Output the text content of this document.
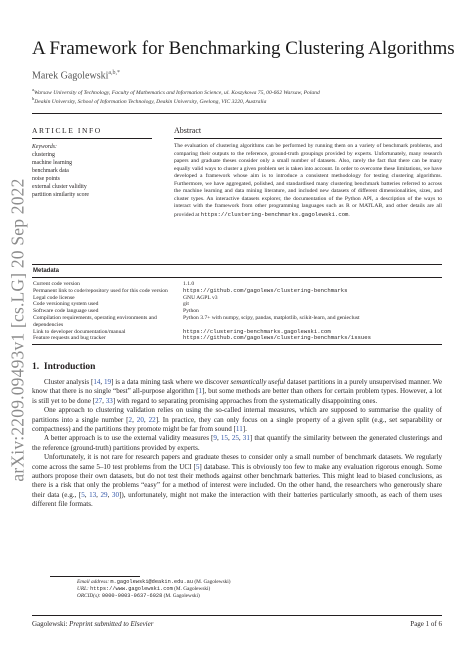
arXiv:2209.09493v1 [cs.LG] 20 Sep 2022
A Framework for Benchmarking Clustering Algorithms
Marek Gagolewski$^{a,b,*}$
$^a$Warsaw University of Technology, Faculty of Mathematics and Information Science, ul. Koszykowa 75, 00-662 Warsaw, Poland
$^b$Deakin University, School of Information Technology, Deakin University, Geelong, VIC 3220, Australia
ARTICLE INFO
Keywords:
clustering
machine learning
benchmark data
noise points
external cluster validity
partition similarity score
Abstract
The evaluation of clustering algorithms can be performed by running them on a variety of benchmark problems, and comparing their outputs to the reference, ground-truth groupings provided by experts. Unfortunately, many research papers and graduate theses consider only a small number of datasets. Also, rarely the fact that there can be many equally valid ways to cluster a given problem set is taken into account. In order to overcome these limitations, we have developed a framework whose aim is to introduce a consistent methodology for testing clustering algorithms. Furthermore, we have aggregated, polished, and standardised many clustering benchmark batteries referred to across the machine learning and data mining literature, and included new datasets of different dimensionalities, sizes, and cluster types. An interactive datasets explorer, the documentation of the Python API, a description of the ways to interact with the framework from other programming languages such as R or MATLAB, and other details are all provided at https://clustering-benchmarks.gagolewski.com.
Metadata
Current code version	1.1.0
Permanent link to code/repository used for this code version	https://github.com/gagolews/clustering-benchmarks
Legal code license	GNU AGPL v3
Code versioning system used	git
Software code language used	Python
Compilation requirements, operating environments and dependencies
Python 3.7+ with numpy, scipy, pandas, matplotlib, scikit-learn, and genieclust
Link to developer documentation/manual	https://clustering-benchmarks.gagolewski.com
Feature requests and bug tracker	https://github.com/gagolews/clustering-benchmarks/issues
1. Introduction

Cluster analysis [14, 19] is a data mining task where we discover semantically useful dataset partitions in a purely unsupervised manner. We know that there is no single “best” all-purpose algorithm [1], but some methods are better than others for certain problem types. However, a lot is still yet to be done [27, 33] with regard to separating promising approaches from the systematically disappointing ones.

One approach to clustering validation relies on using the so-called internal measures, which are supposed to summarise the quality of partitions into a single number [2, 20, 22]. In practice, they can only focus on a single property of a given split (e.g., set separability or compactness) and the partitions they promote might be far from sound [11].

A better approach is to use the external validity measures [9, 15, 25, 31] that quantify the similarity between the generated clusterings and the reference (ground-truth) partitions provided by experts.

Unfortunately, it is not rare for research papers and graduate theses to consider only a small number of benchmark datasets. We regularly come across the same 5–10 test problems from the UCI [5] database. This is obviously too few to make any evaluation rigorous enough. Some authors propose their own datasets, but do not test their methods against other benchmark batteries. This might lead to biased conclusions, as there is a risk that only the problems “easy” for a method of interest were included. On the other hand, the researchers who generously share their data (e.g., [5, 13, 29, 30]), unfortunately, might not make the interaction with their batteries particularly smooth, as each of them uses different file formats.

Email address: m.gagolewski@deakin.edu.au (M. Gagolewski)
URL: https://www.gagolewski.com (M. Gagolewski)
ORCID(s): 0000-0003-0637-6028 (M. Gagolewski)
Gagolewski: Preprint submitted to Elsevier	Page 1 of 6
